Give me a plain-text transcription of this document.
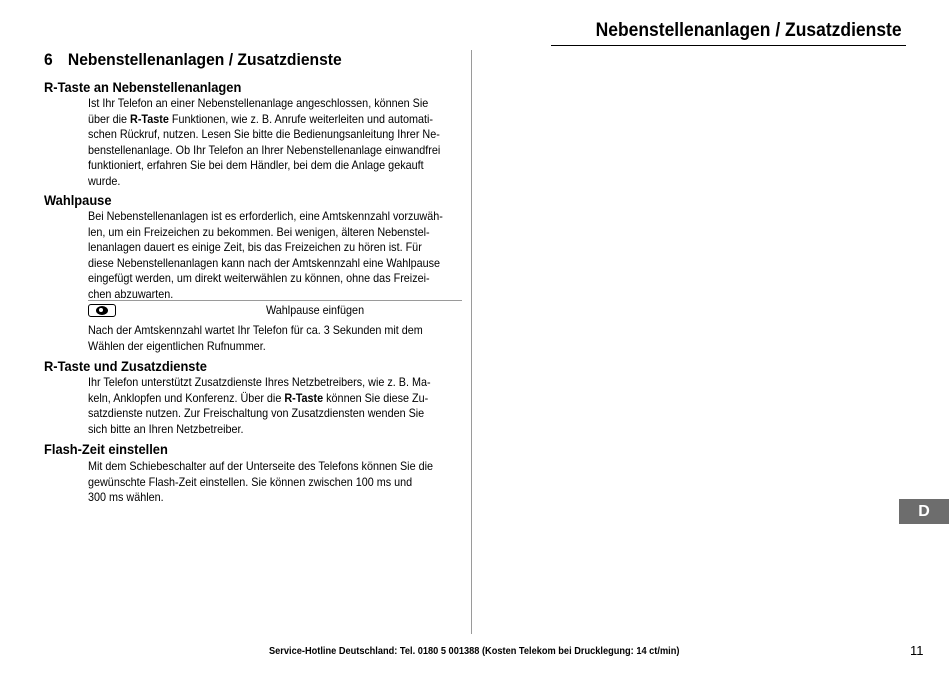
Nebenstellenanlagen / Zusatzdienste
6 Nebenstellenanlagen / Zusatzdienste
R-Taste an Nebenstellenanlagen
Ist Ihr Telefon an einer Nebenstellenanlage angeschlossen, können Sie
über die R-Taste Funktionen, wie z. B. Anrufe weiterleiten und automati-
schen Rückruf, nutzen. Lesen Sie bitte die Bedienungsanleitung Ihrer Ne-
benstellenanlage. Ob Ihr Telefon an Ihrer Nebenstellenanlage einwandfrei
funktioniert, erfahren Sie bei dem Händler, bei dem die Anlage gekauft
wurde.
Wahlpause
Bei Nebenstellenanlagen ist es erforderlich, eine Amtskennzahl vorzuwäh-
len, um ein Freizeichen zu bekommen. Bei wenigen, älteren Nebenstel-
lenanlagen dauert es einige Zeit, bis das Freizeichen zu hören ist. Für
diese Nebenstellenanlagen kann nach der Amtskennzahl eine Wahlpause
eingefügt werden, um direkt weiterwählen zu können, ohne das Freizei-
chen abzuwarten.
Wahlpause einfügen
Nach der Amtskennzahl wartet Ihr Telefon für ca. 3 Sekunden mit dem
Wählen der eigentlichen Rufnummer.
R-Taste und Zusatzdienste
Ihr Telefon unterstützt Zusatzdienste Ihres Netzbetreibers, wie z. B. Ma-
keln, Anklopfen und Konferenz. Über die R-Taste können Sie diese Zu-
satzdienste nutzen. Zur Freischaltung von Zusatzdiensten wenden Sie
sich bitte an Ihren Netzbetreiber.
Flash-Zeit einstellen
Mit dem Schiebeschalter auf der Unterseite des Telefons können Sie die
gewünschte Flash-Zeit einstellen. Sie können zwischen 100 ms und
300 ms wählen.
D
Service-Hotline Deutschland: Tel. 0180 5 001388 (Kosten Telekom bei Drucklegung: 14 ct/min)	11
